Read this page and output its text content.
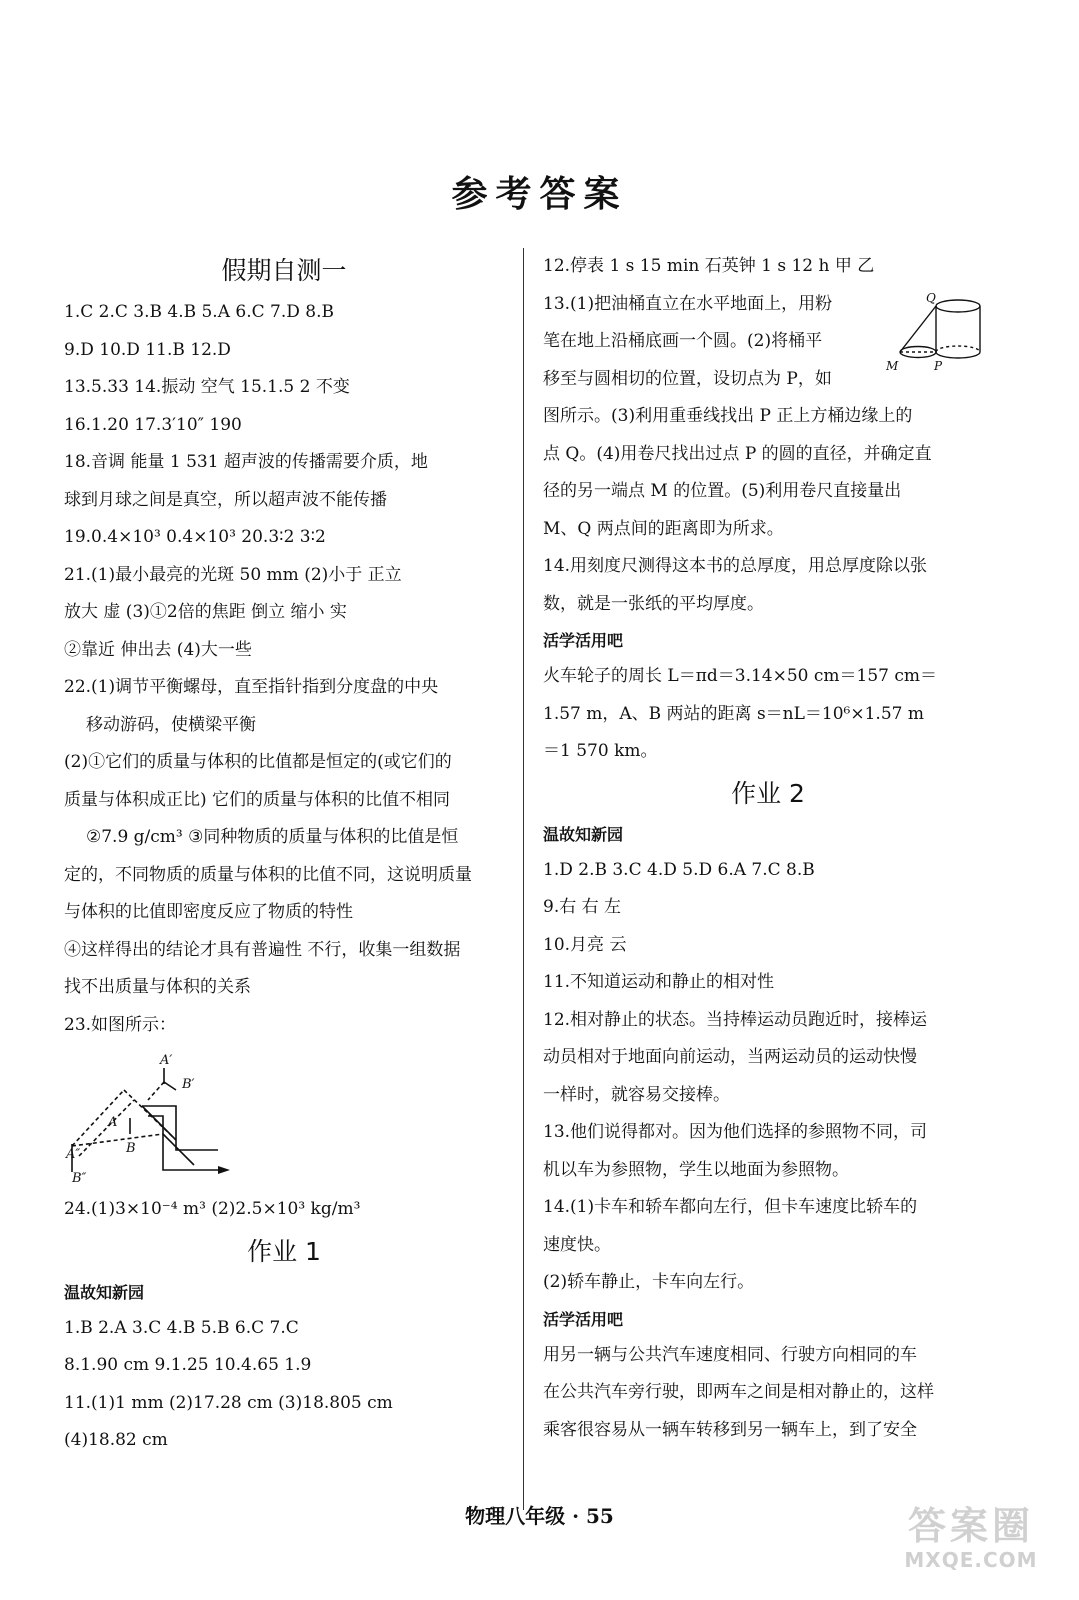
参考答案
假期自测一
1.C 2.C 3.B 4.B 5.A 6.C 7.D 8.B
9.D 10.D 11.B 12.D
13.5.33 14.振动 空气 15.1.5 2 不变
16.1.20 17.3′10″ 190
18.音调 能量 1 531 超声波的传播需要介质，地
球到月球之间是真空，所以超声波不能传播
19.0.4×10³ 0.4×10³ 20.3∶2 3∶2
21.(1)最小最亮的光斑 50 mm (2)小于 正立
放大 虚 (3)①2倍的焦距 倒立 缩小 实
②靠近 伸出去 (4)大一些
22.(1)调节平衡螺母，直至指针指到分度盘的中央
移动游码，使横梁平衡
(2)①它们的质量与体积的比值都是恒定的(或它们的
质量与体积成正比) 它们的质量与体积的比值不相同
②7.9 g/cm³ ③同种物质的质量与体积的比值是恒
定的，不同物质的质量与体积的比值不同，这说明质量
与体积的比值即密度反应了物质的特性
④这样得出的结论才具有普遍性 不行，收集一组数据
找不出质量与体积的关系
23.如图所示：
A′
B′
A
B
A″
B″
24.(1)3×10⁻⁴ m³ (2)2.5×10³ kg/m³
作业 1
温故知新园
1.B 2.A 3.C 4.B 5.B 6.C 7.C
8.1.90 cm 9.1.25 10.4.65 1.9
11.(1)1 mm (2)17.28 cm (3)18.805 cm
(4)18.82 cm
12.停表 1 s 15 min 石英钟 1 s 12 h 甲 乙
13.(1)把油桶直立在水平地面上，用粉
笔在地上沿桶底画一个圆。(2)将桶平
移至与圆相切的位置，设切点为 P，如
图所示。(3)利用重垂线找出 P 正上方桶边缘上的
点 Q。(4)用卷尺找出过点 P 的圆的直径，并确定直
径的另一端点 M 的位置。(5)利用卷尺直接量出
M、Q 两点间的距离即为所求。
14.用刻度尺测得这本书的总厚度，用总厚度除以张
数，就是一张纸的平均厚度。
活学活用吧
火车轮子的周长 L＝πd＝3.14×50 cm＝157 cm＝
1.57 m，A、B 两站的距离 s＝nL＝10⁶×1.57 m
＝1 570 km。
作业 2
温故知新园
1.D 2.B 3.C 4.D 5.D 6.A 7.C 8.B
9.右 右 左
10.月亮 云
11.不知道运动和静止的相对性
12.相对静止的状态。当持棒运动员跑近时，接棒运
动员相对于地面向前运动，当两运动员的运动快慢
一样时，就容易交接棒。
13.他们说得都对。因为他们选择的参照物不同，司
机以车为参照物，学生以地面为参照物。
14.(1)卡车和轿车都向左行，但卡车速度比轿车的
速度快。
(2)轿车静止，卡车向左行。
活学活用吧
用另一辆与公共汽车速度相同、行驶方向相同的车
在公共汽车旁行驶，即两车之间是相对静止的，这样
乘客很容易从一辆车转移到另一辆车上，到了安全
Q
M	P
物理八年级 · 55	答案圈
MXQE.COM
